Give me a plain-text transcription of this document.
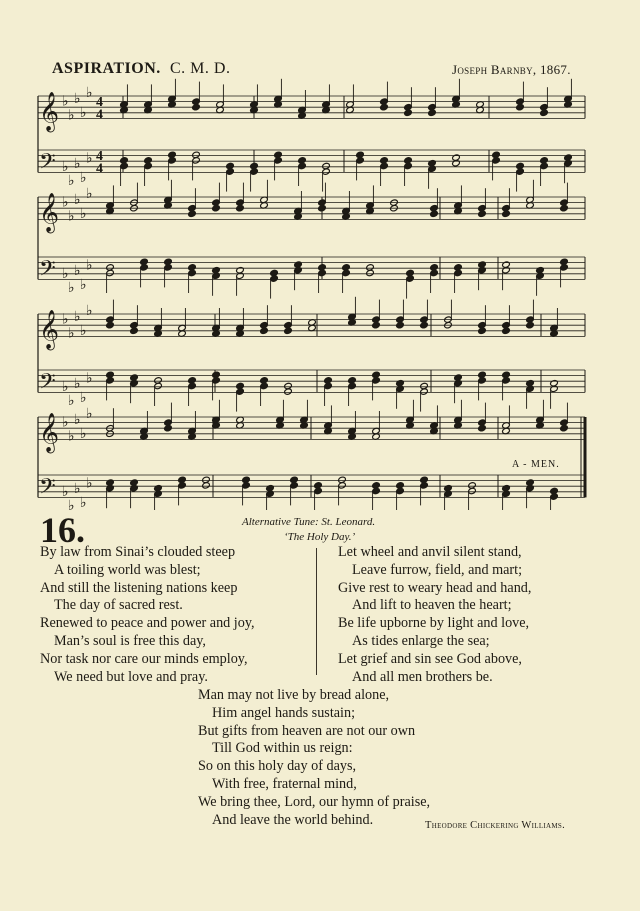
ASPIRATION. C. M. D.	Joseph Barnby, 1867.
𝄞 ♭
♭
♭
♭
♭
4
4
𝄢 ♭
♭
♭
♭
♭ 4
4
𝄞 ♭
♭
♭
♭
♭
𝄢 ♭
♭
♭
♭
♭
𝄞 ♭
♭
♭
♭
♭
𝄢 ♭
♭
♭
♭
♭
𝄞 ♭
♭
♭
♭
♭
𝄢 ♭
♭
♭
♭
♭
A - MEN.
16.	Alternative Tune: St. Leonard.
‘The Holy Day.’
By law from Sinai’s clouded steep
A toiling world was blest;
And still the listening nations keep
The day of sacred rest.
Renewed to peace and power and joy,
Man’s soul is free this day,
Nor task nor care our minds employ,
We need but love and pray.
Let wheel and anvil silent stand,
Leave furrow, field, and mart;
Give rest to weary head and hand,
And lift to heaven the heart;
Be life upborne by light and love,
As tides enlarge the sea;
Let grief and sin see God above,
And all men brothers be.
Man may not live by bread alone,
Him angel hands sustain;
But gifts from heaven are not our own
Till God within us reign:
So on this holy day of days,
With free, fraternal mind,
We bring thee, Lord, our hymn of praise,
And leave the world behind.	Theodore Chickering Williams.
